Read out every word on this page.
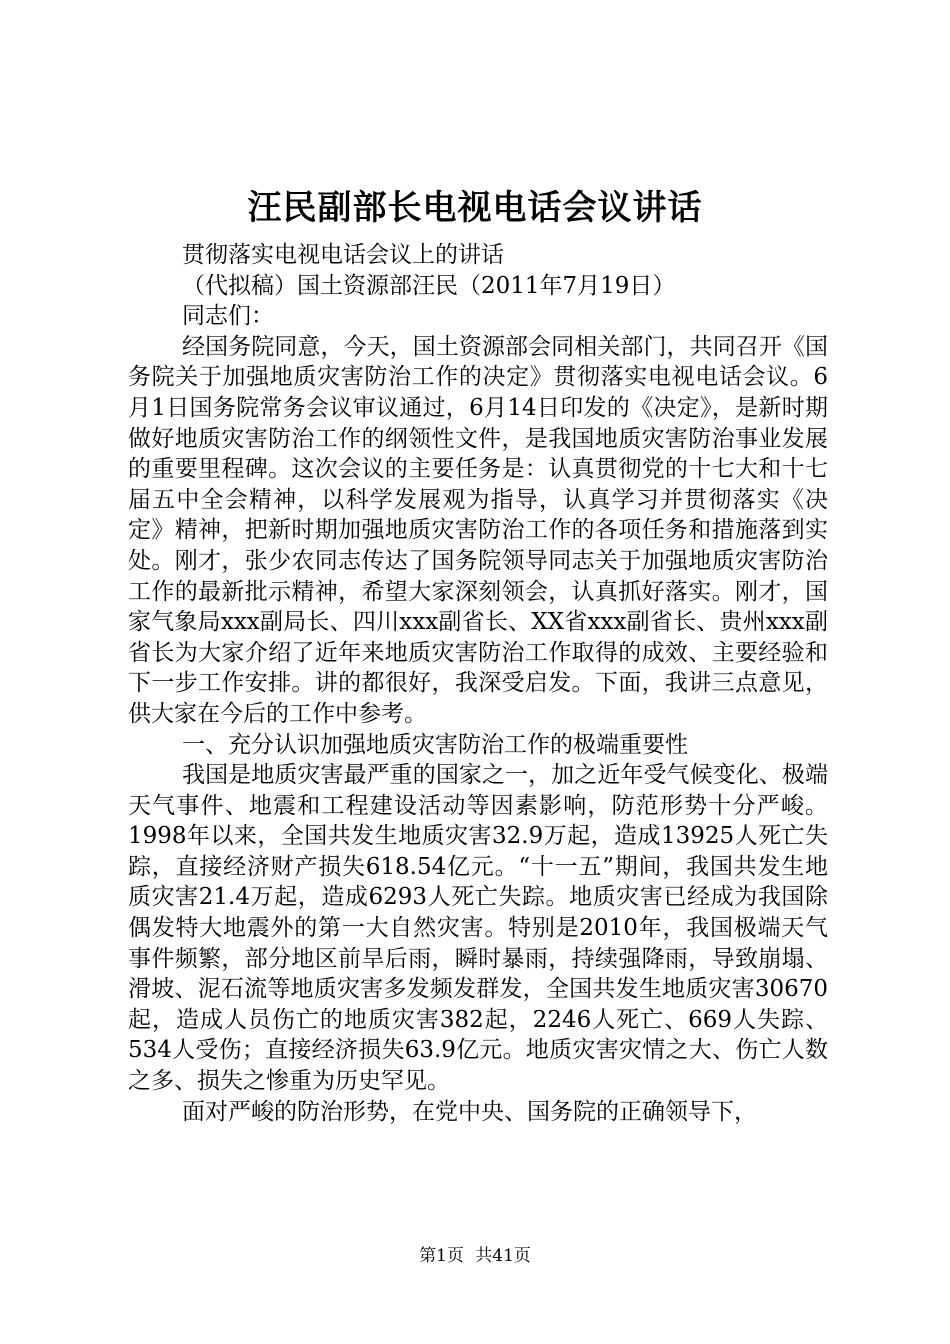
汪民副部长电视电话会议讲话

贯彻落实电视电话会议上的讲话

（代拟稿）国土资源部汪民（2011年7月19日）

同志们：

经国务院同意，今天，国土资源部会同相关部门，共同召开《国务院关于加强地质灾害防治工作的决定》贯彻落实电视电话会议。6月1日国务院常务会议审议通过，6月14日印发的《决定》，是新时期做好地质灾害防治工作的纲领性文件，是我国地质灾害防治事业发展的重要里程碑。这次会议的主要任务是：认真贯彻党的十七大和十七届五中全会精神，以科学发展观为指导，认真学习并贯彻落实《决定》精神，把新时期加强地质灾害防治工作的各项任务和措施落到实处。刚才，张少农同志传达了国务院领导同志关于加强地质灾害防治工作的最新批示精神，希望大家深刻领会，认真抓好落实。刚才，国家气象局xxx副局长、四川xxx副省长、XX省xxx副省长、贵州xxx副省长为大家介绍了近年来地质灾害防治工作取得的成效、主要经验和下一步工作安排。讲的都很好，我深受启发。下面，我讲三点意见，供大家在今后的工作中参考。

一、充分认识加强地质灾害防治工作的极端重要性

我国是地质灾害最严重的国家之一，加之近年受气候变化、极端天气事件、地震和工程建设活动等因素影响，防范形势十分严峻。1998年以来，全国共发生地质灾害32.9万起，造成13925人死亡失踪，直接经济财产损失618.54亿元。“十一五”期间，我国共发生地质灾害21.4万起，造成6293人死亡失踪。地质灾害已经成为我国除偶发特大地震外的第一大自然灾害。特别是2010年，我国极端天气事件频繁，部分地区前旱后雨，瞬时暴雨，持续强降雨，导致崩塌、滑坡、泥石流等地质灾害多发频发群发，全国共发生地质灾害30670起，造成人员伤亡的地质灾害382起，2246人死亡、669人失踪、534人受伤；直接经济损失63.9亿元。地质灾害灾情之大、伤亡人数之多、损失之惨重为历史罕见。

面对严峻的防治形势，在党中央、国务院的正确领导下，

第1页 共41页
